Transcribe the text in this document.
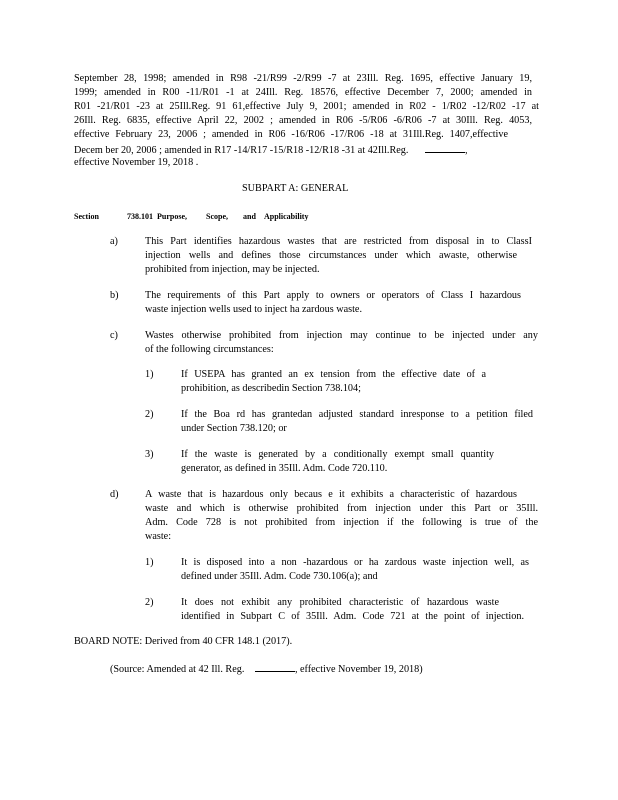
September 28, 1998; amended in R98 -21/R99 -2/R99 -7 at 23Ill. Reg. 1695, effective January 19,
1999; amended in R00 -11/R01 -1 at 24Ill. Reg. 18576, effective December 7, 2000; amended in
R01 -21/R01 -23 at 25Ill.Reg. 91 61,effective July 9, 2001; amended in R02 - 1/R02 -12/R02 -17 at
26Ill. Reg. 6835, effective April 22, 2002 ; amended in R06 -5/R06 -6/R06 -7 at 30Ill. Reg. 4053,
effective February 23, 2006 ; amended in R06 -16/R06 -17/R06 -18 at 31Ill.Reg. 1407,effective
Decem ber 20, 2006 ; amended in R17 -14/R17 -15/R18 -12/R18 -31 at 42Ill.Reg.	,
effective November 19, 2018 .
SUBPART A: GENERAL
Section	738.101 Purpose, Scope, and Applicability
a)	This Part identifies hazardous wastes that are restricted from disposal in to ClassI
injection wells and defines those circumstances under which awaste, otherwise
prohibited from injection, may be injected.
b)	The requirements of this Part apply to owners or operators of Class I hazardous
waste injection wells used to inject ha zardous waste.
c)	Wastes otherwise prohibited from injection may continue to be injected under any
of the following circumstances:
1)	If USEPA has granted an ex tension from the effective date of a
prohibition, as describedin Section 738.104;
2)	If the Boa rd has grantedan adjusted standard inresponse to a petition filed
under Section 738.120; or
3)	If the waste is generated by a conditionally exempt small quantity
generator, as defined in 35Ill. Adm. Code 720.110.
d)	A waste that is hazardous only becaus e it exhibits a characteristic of hazardous
waste and which is otherwise prohibited from injection under this Part or 35Ill.
Adm. Code 728 is not prohibited from injection if the following is true of the
waste:
1)	It is disposed into a non -hazardous or ha zardous waste injection well, as
defined under 35Ill. Adm. Code 730.106(a); and
2)	It does not exhibit any prohibited characteristic of hazardous waste
identified in Subpart C of 35Ill. Adm. Code 721 at the point of injection.
BOARD NOTE: Derived from 40 CFR 148.1 (2017).
(Source: Amended at 42 Ill. Reg.	, effective November 19, 2018)
